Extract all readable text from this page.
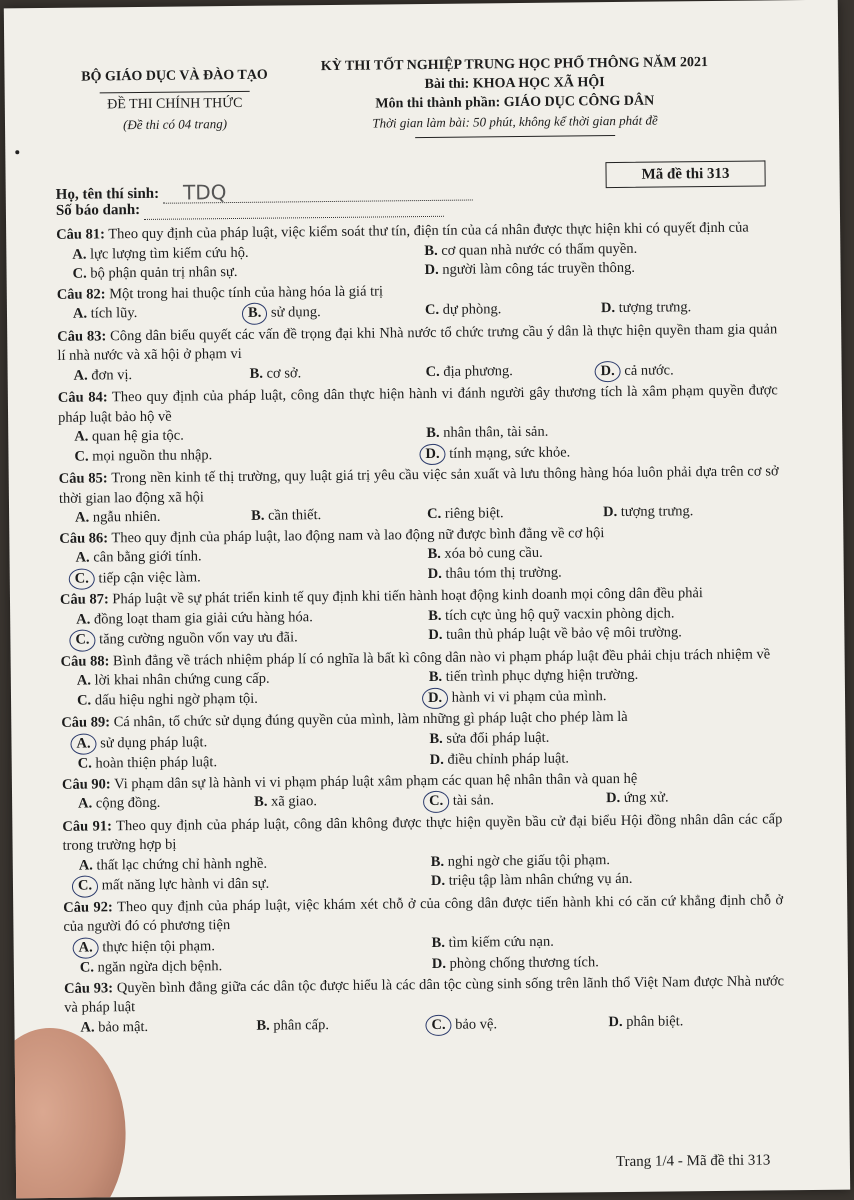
BỘ GIÁO DỤC VÀ ĐÀO TẠO
ĐỀ THI CHÍNH THỨC
(Đề thi có 04 trang)
KỲ THI TỐT NGHIỆP TRUNG HỌC PHỔ THÔNG NĂM 2021
Bài thi: KHOA HỌC XÃ HỘI
Môn thi thành phần: GIÁO DỤC CÔNG DÂN
Thời gian làm bài: 50 phút, không kể thời gian phát đề
Họ, tên thí sinh: TDQ
Số báo danh:
Mã đề thi 313
Câu 81: Theo quy định của pháp luật, việc kiểm soát thư tín, điện tín của cá nhân được thực hiện khi có quyết định của
A. lực lượng tìm kiếm cứu hộ.	B. cơ quan nhà nước có thẩm quyền.
C. bộ phận quản trị nhân sự.	D. người làm công tác truyền thông.
Câu 82: Một trong hai thuộc tính của hàng hóa là giá trị
A. tích lũy.	B. sử dụng.	C. dự phòng.	D. tượng trưng.
Câu 83: Công dân biểu quyết các vấn đề trọng đại khi Nhà nước tổ chức trưng cầu ý dân là thực hiện quyền tham gia quản lí nhà nước và xã hội ở phạm vi
A. đơn vị.	B. cơ sở.	C. địa phương.	D. cả nước.
Câu 84: Theo quy định của pháp luật, công dân thực hiện hành vi đánh người gây thương tích là xâm phạm quyền được pháp luật bảo hộ về
A. quan hệ gia tộc.	B. nhân thân, tài sản.
C. mọi nguồn thu nhập.	D. tính mạng, sức khỏe.
Câu 85: Trong nền kinh tế thị trường, quy luật giá trị yêu cầu việc sản xuất và lưu thông hàng hóa luôn phải dựa trên cơ sở thời gian lao động xã hội
A. ngẫu nhiên.	B. cần thiết.	C. riêng biệt.	D. tượng trưng.
Câu 86: Theo quy định của pháp luật, lao động nam và lao động nữ được bình đẳng về cơ hội
A. cân bằng giới tính.	B. xóa bỏ cung cầu.
C. tiếp cận việc làm.	D. thâu tóm thị trường.
Câu 87: Pháp luật về sự phát triển kinh tế quy định khi tiến hành hoạt động kinh doanh mọi công dân đều phải
A. đồng loạt tham gia giải cứu hàng hóa.	B. tích cực ủng hộ quỹ vacxin phòng dịch.
C. tăng cường nguồn vốn vay ưu đãi.	D. tuân thủ pháp luật về bảo vệ môi trường.
Câu 88: Bình đẳng về trách nhiệm pháp lí có nghĩa là bất kì công dân nào vi phạm pháp luật đều phải chịu trách nhiệm về
A. lời khai nhân chứng cung cấp.	B. tiến trình phục dựng hiện trường.
C. dấu hiệu nghi ngờ phạm tội.	D. hành vi vi phạm của mình.
Câu 89: Cá nhân, tổ chức sử dụng đúng quyền của mình, làm những gì pháp luật cho phép làm là
A. sử dụng pháp luật.	B. sửa đổi pháp luật.
C. hoàn thiện pháp luật.	D. điều chỉnh pháp luật.
Câu 90: Vi phạm dân sự là hành vi vi phạm pháp luật xâm phạm các quan hệ nhân thân và quan hệ
A. cộng đồng.	B. xã giao.	C. tài sản.	D. ứng xử.
Câu 91: Theo quy định của pháp luật, công dân không được thực hiện quyền bầu cử đại biểu Hội đồng nhân dân các cấp trong trường hợp bị
A. thất lạc chứng chỉ hành nghề.	B. nghi ngờ che giấu tội phạm.
C. mất năng lực hành vi dân sự.	D. triệu tập làm nhân chứng vụ án.
Câu 92: Theo quy định của pháp luật, việc khám xét chỗ ở của công dân được tiến hành khi có căn cứ khẳng định chỗ ở của người đó có phương tiện
A. thực hiện tội phạm.	B. tìm kiếm cứu nạn.
C. ngăn ngừa dịch bệnh.	D. phòng chống thương tích.
Câu 93: Quyền bình đẳng giữa các dân tộc được hiểu là các dân tộc cùng sinh sống trên lãnh thổ Việt Nam được Nhà nước và pháp luật
A. bảo mật.	B. phân cấp.	C. bảo vệ.	D. phân biệt.
Trang 1/4 - Mã đề thi 313
